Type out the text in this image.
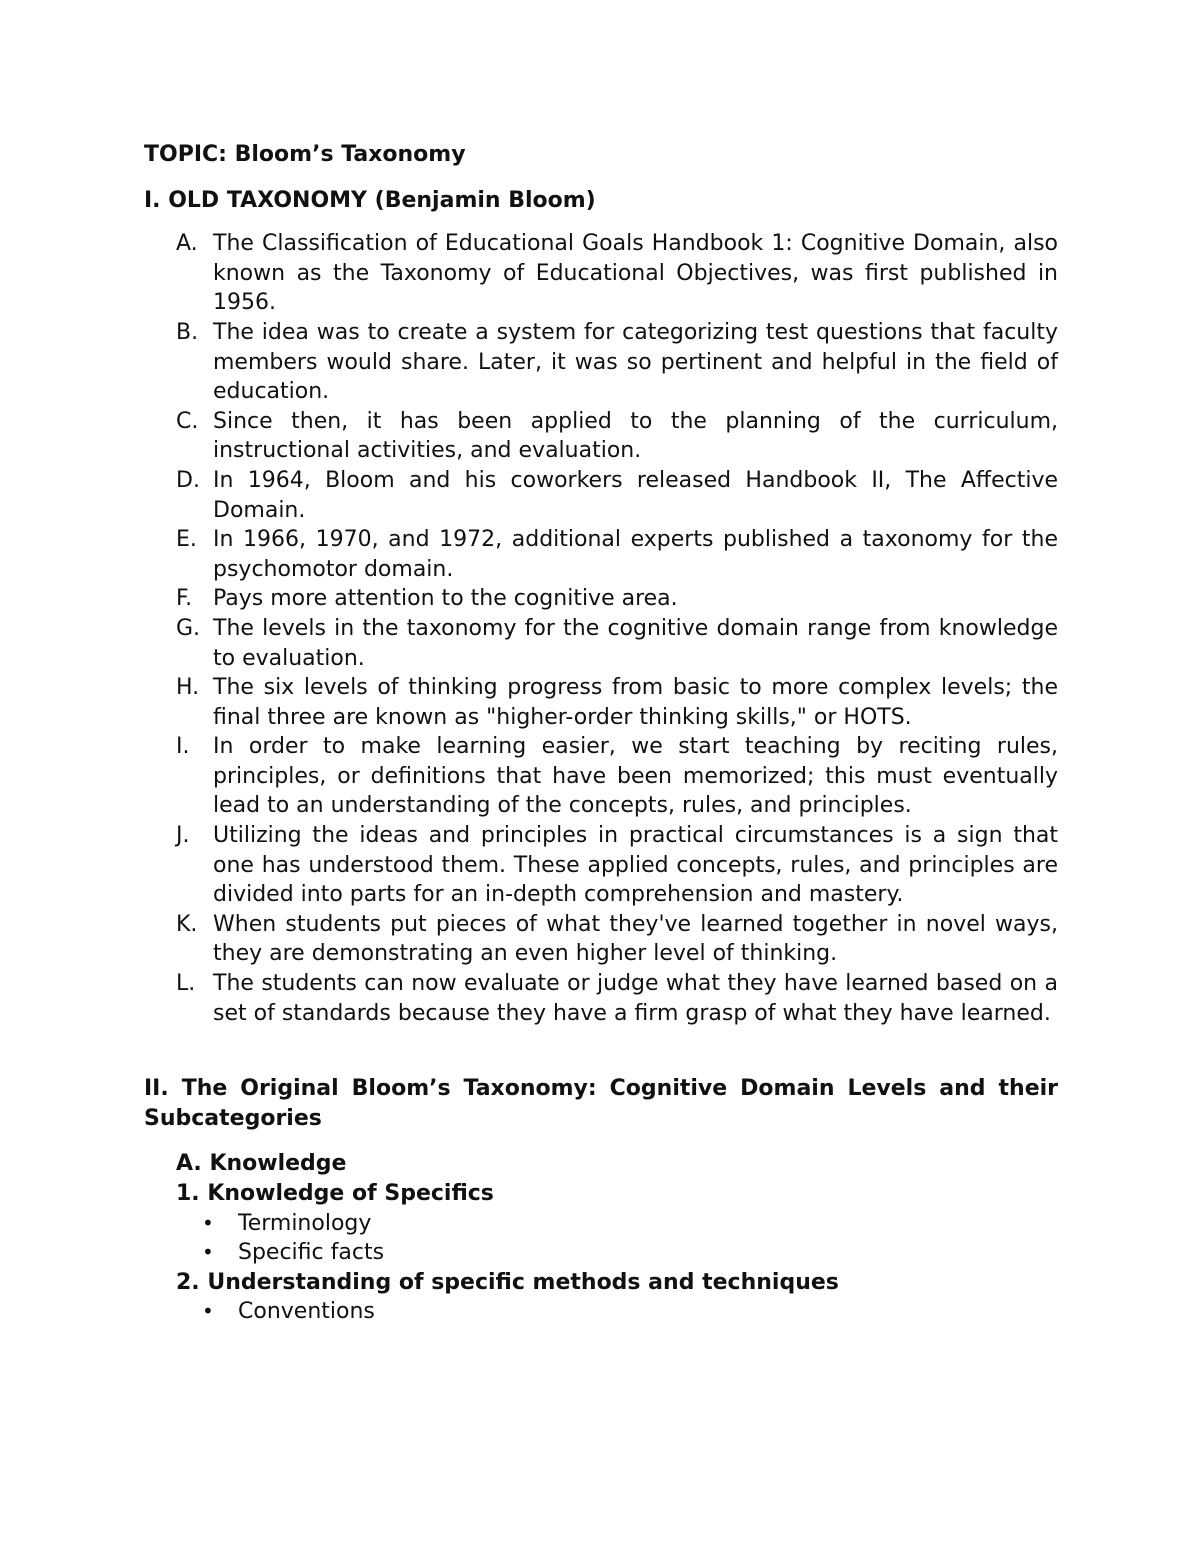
TOPIC: Bloom’s Taxonomy
I. OLD TAXONOMY (Benjamin Bloom)
A. The Classification of Educational Goals Handbook 1: Cognitive Domain, also known as the Taxonomy of Educational Objectives, was first published in 1956.
B. The idea was to create a system for categorizing test questions that faculty members would share. Later, it was so pertinent and helpful in the field of education.
C. Since then, it has been applied to the planning of the curriculum, instructional activities, and evaluation.
D. In 1964, Bloom and his coworkers released Handbook II, The Affective Domain.
E. In 1966, 1970, and 1972, additional experts published a taxonomy for the psychomotor domain.
F. Pays more attention to the cognitive area.
G. The levels in the taxonomy for the cognitive domain range from knowledge to evaluation.
H. The six levels of thinking progress from basic to more complex levels; the final three are known as "higher-order thinking skills," or HOTS.
I. In order to make learning easier, we start teaching by reciting rules, principles, or definitions that have been memorized; this must eventually lead to an understanding of the concepts, rules, and principles.
J. Utilizing the ideas and principles in practical circumstances is a sign that one has understood them. These applied concepts, rules, and principles are divided into parts for an in-depth comprehension and mastery.
K. When students put pieces of what they've learned together in novel ways, they are demonstrating an even higher level of thinking.
L. The students can now evaluate or judge what they have learned based on a set of standards because they have a firm grasp of what they have learned.
II. The Original Bloom’s Taxonomy: Cognitive Domain Levels and their Subcategories
A. Knowledge
1. Knowledge of Specifics
• Terminology
• Specific facts
2. Understanding of specific methods and techniques
• Conventions
